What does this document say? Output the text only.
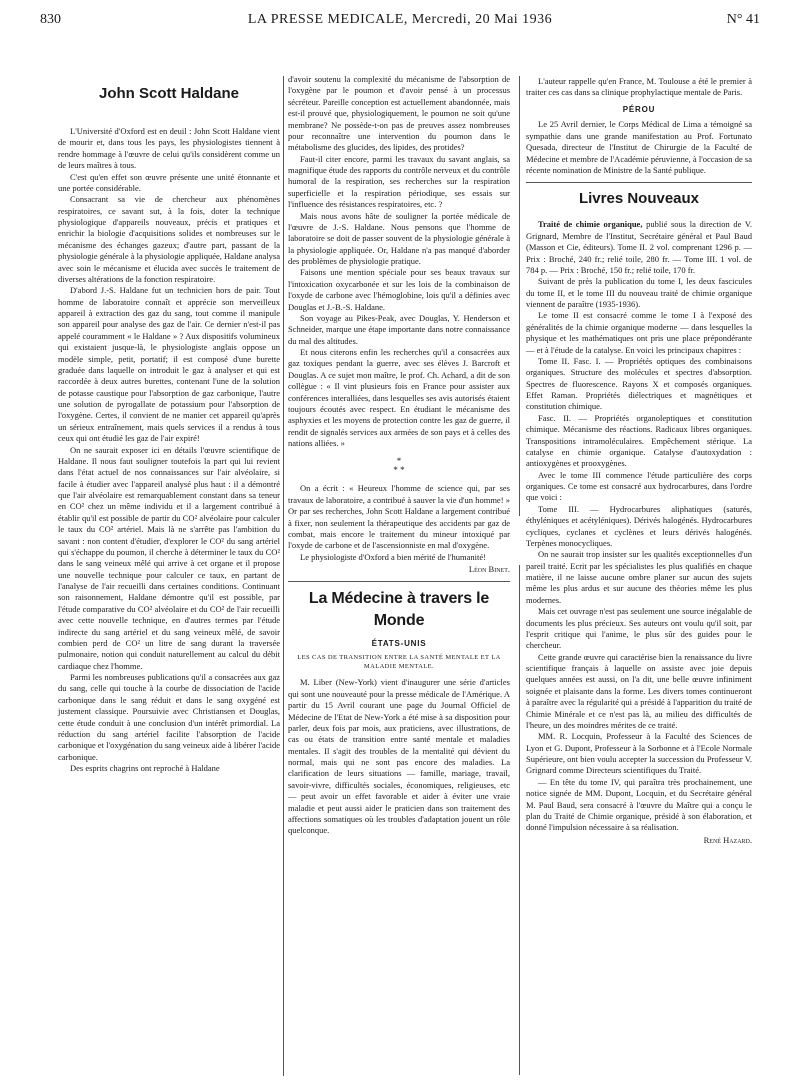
830	LA PRESSE MEDICALE, Mercredi, 20 Mai 1936	N° 41
John Scott Haldane

L'Université d'Oxford est en deuil : John Scott Haldane vient de mourir et, dans tous les pays, les physiologistes tiennent à rendre hommage à l'œuvre de celui qu'ils considèrent comme un de leurs maîtres à tous.

C'est qu'en effet son œuvre présente une unité étonnante et une portée considérable.

Consacrant sa vie de chercheur aux phénomènes respiratoires, ce savant sut, à la fois, doter la technique physiologique d'appareils nouveaux, précis et pratiques et enrichir la biologie d'acquisitions solides et nombreuses sur le mécanisme des échanges gazeux; d'autre part, passant de la physiologie générale à la physiologie appliquée, Haldane analysa avec soin le mécanisme et élucida avec succès le traitement de diverses altérations de la fonction respiratoire.

D'abord J.-S. Haldane fut un technicien hors de pair. Tout homme de laboratoire connaît et apprécie son merveilleux appareil à extraction des gaz du sang, tout comme il manipule son appareil pour analyse des gaz de l'air. Ce dernier n'est-il pas appelé couramment « le Haldane » ? Aux dispositifs volumineux qui existaient jusque-là, le physiologiste anglais oppose un modèle simple, petit, portatif; il est composé d'une burette graduée dans laquelle on introduit le gaz à analyser et qui est raccordée à deux autres burettes, contenant l'une de la solution de potasse caustique pour l'absorption de gaz carbonique, l'autre une solution de pyrogallate de potassium pour l'absorption de l'oxygène. Certes, il convient de ne manier cet appareil qu'après un sérieux entraînement, mais quels services il a rendus à tous ceux qui ont étudié les gaz de l'air expiré!

On ne saurait exposer ici en détails l'œuvre scientifique de Haldane. Il nous faut souligner toutefois la part qui lui revient dans l'état actuel de nos connaissances sur l'air alvéolaire, si facile à étudier avec l'appareil analysé plus haut : il a démontré que l'air alvéolaire est remarquablement constant dans sa teneur en CO² chez un même individu et il a largement contribué à établir qu'il est possible de partir du CO² alvéolaire pour calculer le taux du CO² artériel. Mais là ne s'arrête pas l'ambition du savant : non content d'étudier, d'explorer le CO² du sang artériel qui s'échappe du poumon, il cherche à déterminer le taux du CO² dans le sang veineux mêlé qui arrive à cet organe et il propose une nouvelle technique pour calculer ce taux, en partant de l'analyse de l'air recueilli dans certaines conditions. Continuant son raisonnement, Haldane démontre qu'il est possible, par l'étude comparative du CO² alvéolaire et du CO² de l'air recueilli avec cette nouvelle technique, en d'autres termes par l'étude indirecte du sang artériel et du sang veineux mêlé, de savoir combien perd de CO² un litre de sang durant la traversée pulmonaire, notion qui conduit naturellement au calcul du débit cardiaque chez l'homme.

Parmi les nombreuses publications qu'il a consacrées aux gaz du sang, celle qui touche à la courbe de dissociation de l'acide carbonique dans le sang réduit et dans le sang oxygéné est justement classique. Poursuivie avec Christiansen et Douglas, cette étude conduit à une conclusion d'un intérêt primordial. La réduction du sang artériel facilite l'absorption de l'acide carbonique et l'oxygénation du sang veineux aide à libérer l'acide carbonique.

Des esprits chagrins ont reproché à Haldane

d'avoir soutenu la complexité du mécanisme de l'absorption de l'oxygène par le poumon et d'avoir pensé à un processus sécréteur. Pareille conception est actuellement abandonnée, mais est-il prouvé que, physiologiquement, le poumon ne soit qu'une membrane? Ne possède-t-on pas de preuves assez nombreuses pour reconnaître une intervention du poumon dans le métabolisme des glucides, des lipides, des protides?

Faut-il citer encore, parmi les travaux du savant anglais, sa magnifique étude des rapports du contrôle nerveux et du contrôle humoral de la respiration, ses recherches sur la respiration superficielle et la respiration périodique, ses essais sur l'influence des résistances respiratoires, etc. ?

Mais nous avons hâte de souligner la portée médicale de l'œuvre de J.-S. Haldane. Nous pensons que l'homme de laboratoire se doit de passer souvent de la physiologie générale à la physiologie appliquée. Or, Haldane n'a pas manqué d'aborder des problèmes de physiologie pratique.

Faisons une mention spéciale pour ses beaux travaux sur l'intoxication oxycarbonée et sur les lois de la combinaison de l'oxyde de carbone avec l'hémoglobine, lois qu'il a définies avec Douglas et J.-B.-S. Haldane.

Son voyage au Pikes-Peak, avec Douglas, Y. Henderson et Schneider, marque une étape importante dans notre connaissance du mal des altitudes.

Et nous citerons enfin les recherches qu'il a consacrées aux gaz toxiques pendant la guerre, avec ses élèves J. Barcroft et Douglas. A ce sujet mon maître, le prof. Ch. Achard, a dit de son collègue : « Il vint plusieurs fois en France pour assister aux conférences interalliées, dans lesquelles ses avis autorisés étaient toujours écoutés avec respect. En étudiant le mécanisme des asphyxies et les moyens de protection contre les gaz de guerre, il rendit de signalés services aux armées de son pays et à celles des nations alliées. »

*
* *

On a écrit : « Heureux l'homme de science qui, par ses travaux de laboratoire, a contribué à sauver la vie d'un homme! » Or par ses recherches, John Scott Haldane a largement contribué à fixer, non seulement la thérapeutique des accidents par gaz de combat, mais encore le traitement du mineur intoxiqué par l'oxyde de carbone et de l'ascensionniste en mal d'oxygène.

Le physiologiste d'Oxford a bien mérité de l'humanité!

Léon Binet.
La Médecine à travers le Monde
ÉTATS-UNIS
LES CAS DE TRANSITION ENTRE LA SANTÉ MENTALE ET LA MALADIE MENTALE.

M. Liber (New-York) vient d'inaugurer une série d'articles qui sont une nouveauté pour la presse médicale de l'Amérique. A partir du 15 Avril courant une page du Journal Officiel de Médecine de l'Etat de New-York a été mise à sa disposition pour parler, deux fois par mois, aux praticiens, avec illustrations, de cas ou états de transition entre santé mentale et maladies mentales. Il s'agit des troubles de la mentalité qui dévient du normal, mais qui ne sont pas encore des maladies. La clarification de leurs situations — famille, mariage, travail, savoir-vivre, difficultés sociales, économiques, religieuses, etc — peut avoir un effet favorable et aider à éviter une vraie maladie et peut aussi aider le praticien dans son traitement des affections somatiques où les troubles d'adaptation jouent un rôle quelconque.

L'auteur rappelle qu'en France, M. Toulouse a été le premier à traiter ces cas dans sa clinique prophylactique mentale de Paris.

PÉROU

Le 25 Avril dernier, le Corps Médical de Lima a témoigné sa sympathie dans une grande manifestation au Prof. Fortunato Quesada, directeur de l'Institut de Chirurgie de la Faculté de Médecine et membre de l'Académie péruvienne, à l'occasion de sa récente nomination de Ministre de la Santé publique.

Livres Nouveaux

Traité de chimie organique, publié sous la direction de V. Grignard, Membre de l'Institut, Secrétaire général et Paul Baud (Masson et Cie, éditeurs). Tome II. 2 vol. comprenant 1296 p. — Prix : Broché, 240 fr.; relié toile, 280 fr. — Tome III. 1 vol. de 784 p. — Prix : Broché, 150 fr.; relié toile, 170 fr.

Suivant de près la publication du tome I, les deux fascicules du tome II, et le tome III du nouveau traité de chimie organique viennent de paraître (1935-1936).

Le tome II est consacré comme le tome I à l'exposé des généralités de la chimie organique moderne — dans lesquelles la physique et les mathématiques ont pris une place prépondérante — et à l'étude de la catalyse. En voici les principaux chapitres :

Tome II. Fasc. I. — Propriétés optiques des combinaisons organiques. Structure des molécules et spectres d'absorption. Spectres de fluorescence. Rayons X et composés organiques. Effet Raman. Propriétés diélectriques et magnétiques et constitution chimique.

Fasc. II. — Propriétés organoleptiques et constitution chimique. Mécanisme des réactions. Radicaux libres organiques. Transpositions intramoléculaires. Empêchement stérique. La catalyse en chimie organique. Catalyse d'autoxydation : antioxygènes et prooxygènes.

Avec le tome III commence l'étude particulière des corps organiques. Ce tome est consacré aux hydrocarbures, dans l'ordre que voici :

Tome III. — Hydrocarbures aliphatiques (saturés, éthyléniques et acétyléniques). Dérivés halogénés. Hydrocarbures cycliques, cyclanes et cyclènes et leurs dérivés halogénés. Terpènes monocycliques.

On ne saurait trop insister sur les qualités exceptionnelles d'un pareil traité. Ecrit par les spécialistes les plus qualifiés en chaque matière, il ne laisse aucune ombre planer sur aucun des sujets même les plus ardus et sur aucune des théories même les plus modernes.

Mais cet ouvrage n'est pas seulement une source inégalable de documents les plus précieux. Ses auteurs ont voulu qu'il soit, par l'esprit critique qui l'anime, le plus sûr des guides pour le chercheur.

Cette grande œuvre qui caractérise bien la renaissance du livre scientifique français à laquelle on assiste avec joie depuis quelques années est aussi, on l'a dit, une belle œuvre infiniment soignée et plaisante dans la forme. Les divers tomes continueront à paraître avec la régularité qui a présidé à l'apparition du traité de Chimie Minérale et ce n'est pas là, au milieu des difficultés de l'heure, un des moindres mérites de ce traité.

MM. R. Locquin, Professeur à la Faculté des Sciences de Lyon et G. Dupont, Professeur à la Sorbonne et à l'Ecole Normale Supérieure, ont bien voulu accepter la succession du Professeur V. Grignard comme Directeurs scientifiques du Traité.

— En tête du tome IV, qui paraîtra très prochainement, une notice signée de MM. Dupont, Locquin, et du Secrétaire général M. Paul Baud, sera consacré à l'œuvre du Maître qui a conçu le plan du Traité de Chimie organique, présidé à son élaboration, et donné l'impulsion nécessaire à sa réalisation.

René Hazard.
